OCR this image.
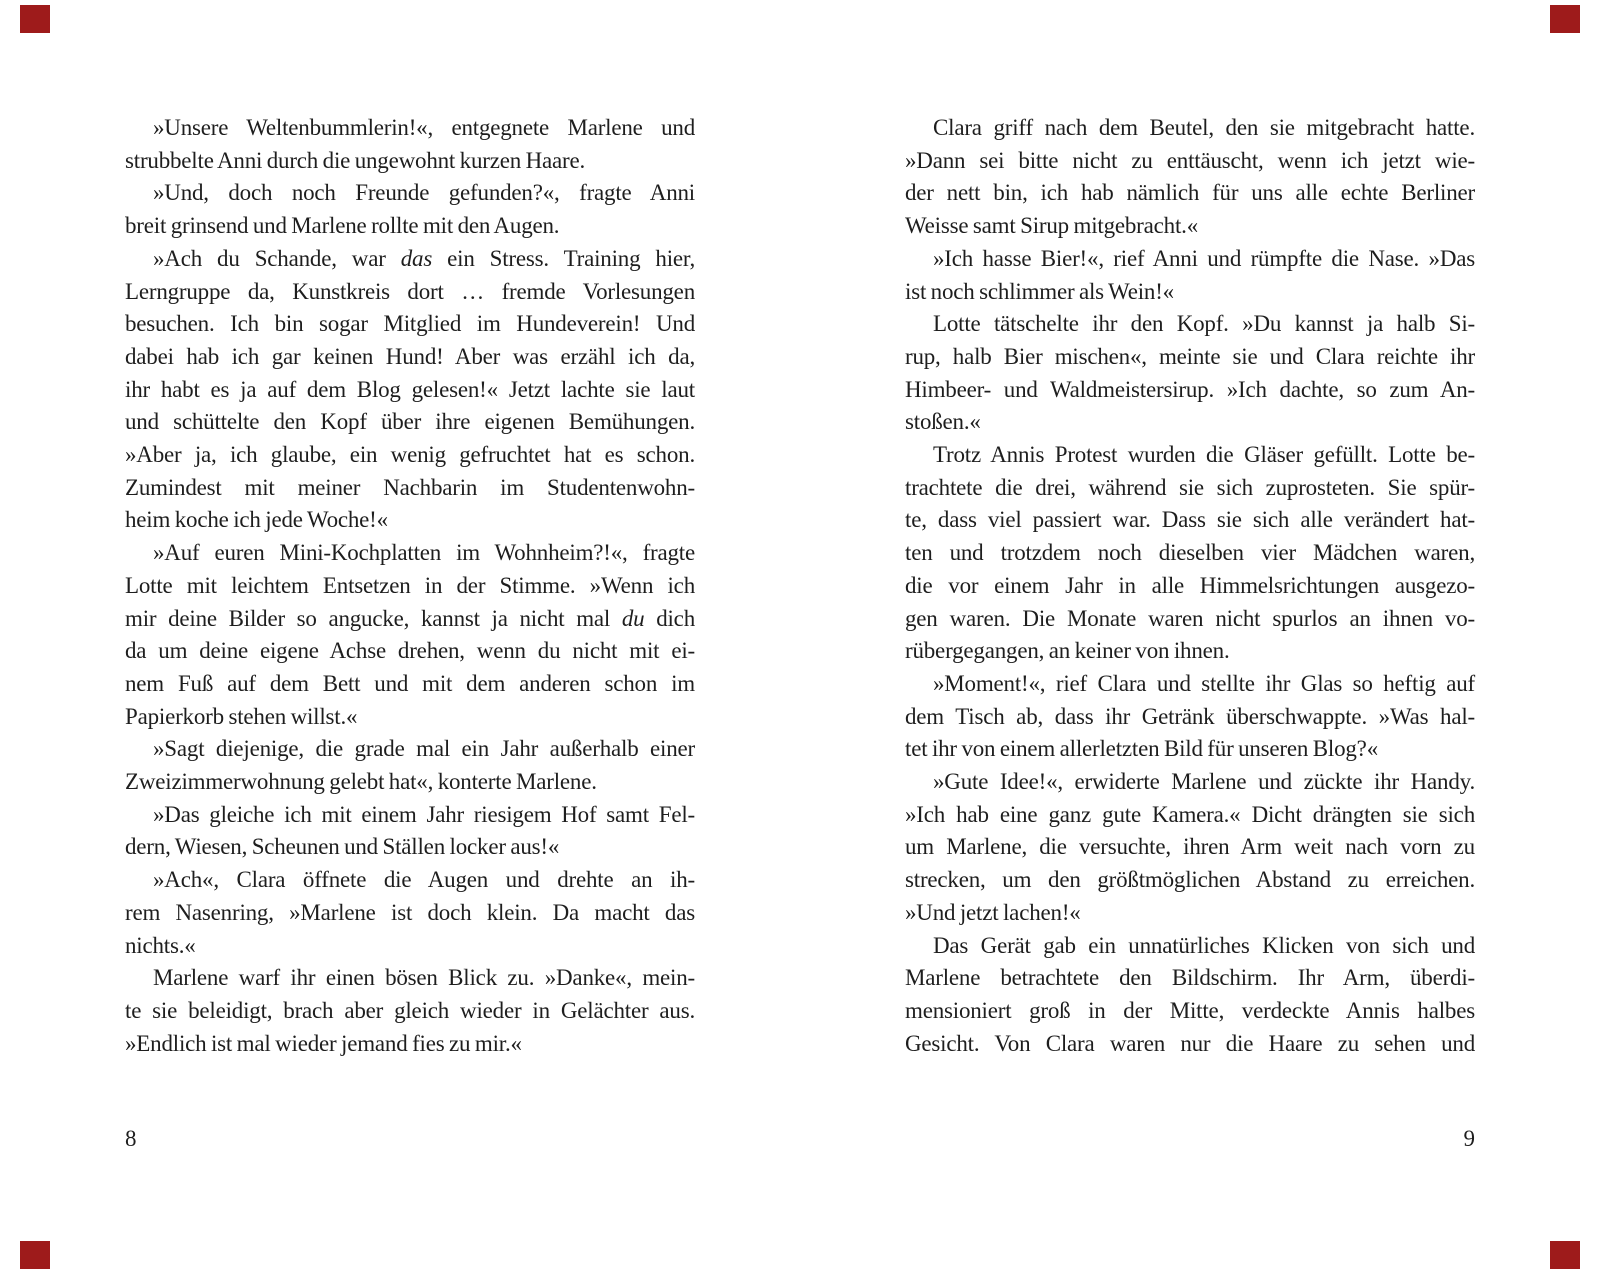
»Unsere Weltenbummlerin!«, entgegnete Marlene und
strubbelte Anni durch die ungewohnt kurzen Haare.
»Und, doch noch Freunde gefunden?«, fragte Anni
breit grinsend und Marlene rollte mit den Augen.
»Ach du Schande, war das ein Stress. Training hier,
Lerngruppe da, Kunstkreis dort … fremde Vorlesungen
besuchen. Ich bin sogar Mitglied im Hundeverein! Und
dabei hab ich gar keinen Hund! Aber was erzähl ich da,
ihr habt es ja auf dem Blog gelesen!« Jetzt lachte sie laut
und schüttelte den Kopf über ihre eigenen Bemühungen.
»Aber ja, ich glaube, ein wenig gefruchtet hat es schon.
Zumindest mit meiner Nachbarin im Studentenwohn-
heim koche ich jede Woche!«
»Auf euren Mini-Kochplatten im Wohnheim?!«, fragte
Lotte mit leichtem Entsetzen in der Stimme. »Wenn ich
mir deine Bilder so angucke, kannst ja nicht mal du dich
da um deine eigene Achse drehen, wenn du nicht mit ei-
nem Fuß auf dem Bett und mit dem anderen schon im
Papierkorb stehen willst.«
»Sagt diejenige, die grade mal ein Jahr außerhalb einer
Zweizimmerwohnung gelebt hat«, konterte Marlene.
»Das gleiche ich mit einem Jahr riesigem Hof samt Fel-
dern, Wiesen, Scheunen und Ställen locker aus!«
»Ach«, Clara öffnete die Augen und drehte an ih-
rem Nasenring, »Marlene ist doch klein. Da macht das
nichts.«
Marlene warf ihr einen bösen Blick zu. »Danke«, mein-
te sie beleidigt, brach aber gleich wieder in Gelächter aus.
»Endlich ist mal wieder jemand fies zu mir.«
Clara griff nach dem Beutel, den sie mitgebracht hatte.
»Dann sei bitte nicht zu enttäuscht, wenn ich jetzt wie-
der nett bin, ich hab nämlich für uns alle echte Berliner
Weisse samt Sirup mitgebracht.«
»Ich hasse Bier!«, rief Anni und rümpfte die Nase. »Das
ist noch schlimmer als Wein!«
Lotte tätschelte ihr den Kopf. »Du kannst ja halb Si-
rup, halb Bier mischen«, meinte sie und Clara reichte ihr
Himbeer- und Waldmeistersirup. »Ich dachte, so zum An-
stoßen.«
Trotz Annis Protest wurden die Gläser gefüllt. Lotte be-
trachtete die drei, während sie sich zuprosteten. Sie spür-
te, dass viel passiert war. Dass sie sich alle verändert hat-
ten und trotzdem noch dieselben vier Mädchen waren,
die vor einem Jahr in alle Himmelsrichtungen ausgezo-
gen waren. Die Monate waren nicht spurlos an ihnen vo-
rübergegangen, an keiner von ihnen.
»Moment!«, rief Clara und stellte ihr Glas so heftig auf
dem Tisch ab, dass ihr Getränk überschwappte. »Was hal-
tet ihr von einem allerletzten Bild für unseren Blog?«
»Gute Idee!«, erwiderte Marlene und zückte ihr Handy.
»Ich hab eine ganz gute Kamera.« Dicht drängten sie sich
um Marlene, die versuchte, ihren Arm weit nach vorn zu
strecken, um den größtmöglichen Abstand zu erreichen.
»Und jetzt lachen!«
Das Gerät gab ein unnatürliches Klicken von sich und
Marlene betrachtete den Bildschirm. Ihr Arm, überdi-
mensioniert groß in der Mitte, verdeckte Annis halbes
Gesicht. Von Clara waren nur die Haare zu sehen und
8	9
